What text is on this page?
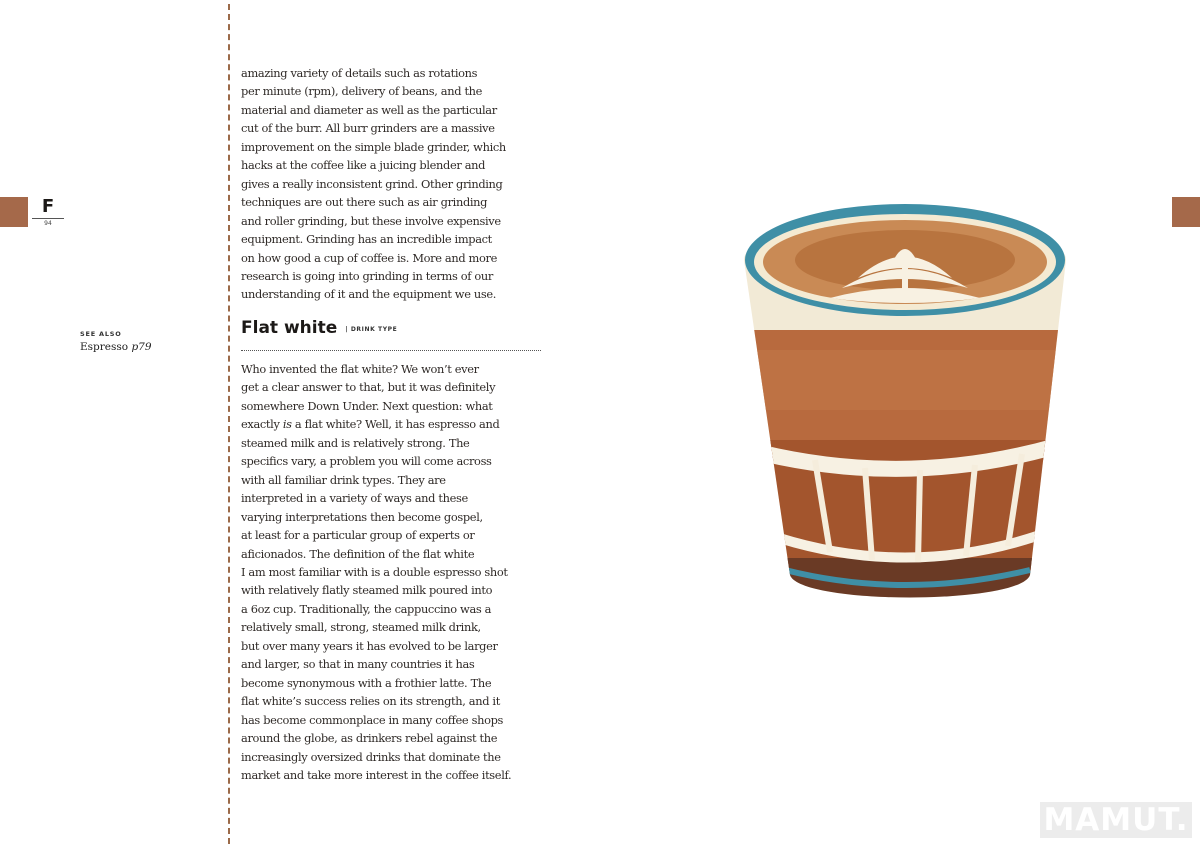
F
94
SEE ALSO
Espresso p79

amazing variety of details such as rotations
per minute (rpm), delivery of beans, and the
material and diameter as well as the particular
cut of the burr. All burr grinders are a massive
improvement on the simple blade grinder, which
hacks at the coffee like a juicing blender and
gives a really inconsistent grind. Other grinding
techniques are out there such as air grinding
and roller grinding, but these involve expensive
equipment. Grinding has an incredible impact
on how good a cup of coffee is. More and more
research is going into grinding in terms of our
understanding of it and the equipment we use.

Flat white | DRINK TYPE

Who invented the flat white? We won’t ever
get a clear answer to that, but it was definitely
somewhere Down Under. Next question: what
exactly is a flat white? Well, it has espresso and
steamed milk and is relatively strong. The
specifics vary, a problem you will come across
with all familiar drink types. They are
interpreted in a variety of ways and these
varying interpretations then become gospel,
at least for a particular group of experts or
aficionados. The definition of the flat white
I am most familiar with is a double espresso shot
with relatively flatly steamed milk poured into
a 6oz cup. Traditionally, the cappuccino was a
relatively small, strong, steamed milk drink,
but over many years it has evolved to be larger
and larger, so that in many countries it has
become synonymous with a frothier latte. The
flat white’s success relies on its strength, and it
has become commonplace in many coffee shops
around the globe, as drinkers rebel against the
increasingly oversized drinks that dominate the
market and take more interest in the coffee itself.

MAMUT.
